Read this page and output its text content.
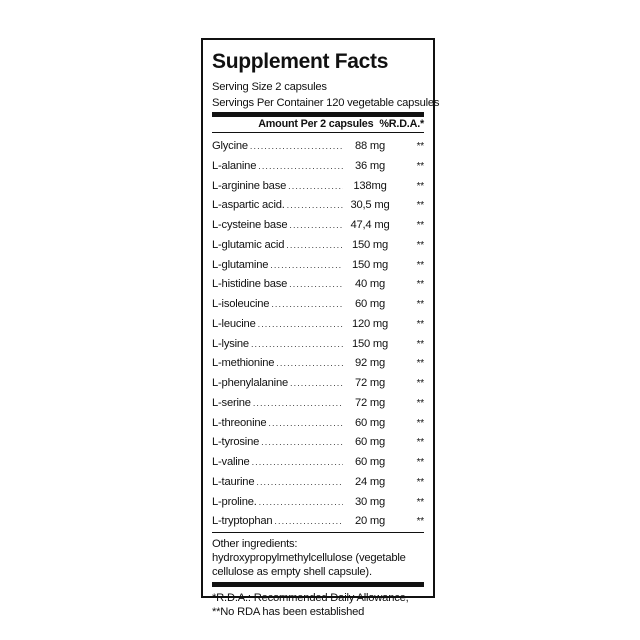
Supplement Facts
Serving Size 2 capsules
Servings Per Container 120 vegetable capsules
Amount Per 2 capsules %R.D.A.*
Glycine .....	88 mg	**
L-alanine .....	36 mg	**
L-arginine base .....	138mg	**
L-aspartic acid. .....	30,5 mg	**
L-cysteine base .....	47,4 mg	**
L-glutamic acid .....	150 mg	**
L-glutamine .....	150 mg	**
L-histidine base .....	40 mg	**
L-isoleucine .....	60 mg	**
L-leucine .....	120 mg	**
L-lysine .....	150 mg	**
L-methionine .....	92 mg	**
L-phenylalanine .....	72 mg	**
L-serine .....	72 mg	**
L-threonine .....	60 mg	**
L-tyrosine .....	60 mg	**
L-valine .....	60 mg	**
L-taurine .....	24 mg	**
L-proline. .....	30 mg	**
L-tryptophan .....	20 mg	**
Other ingredients: hydroxypropylmethylcellulose (vegetable cellulose as empty shell capsule).
*R.D.A.: Recommended Daily Allowance,
**No RDA has been established
